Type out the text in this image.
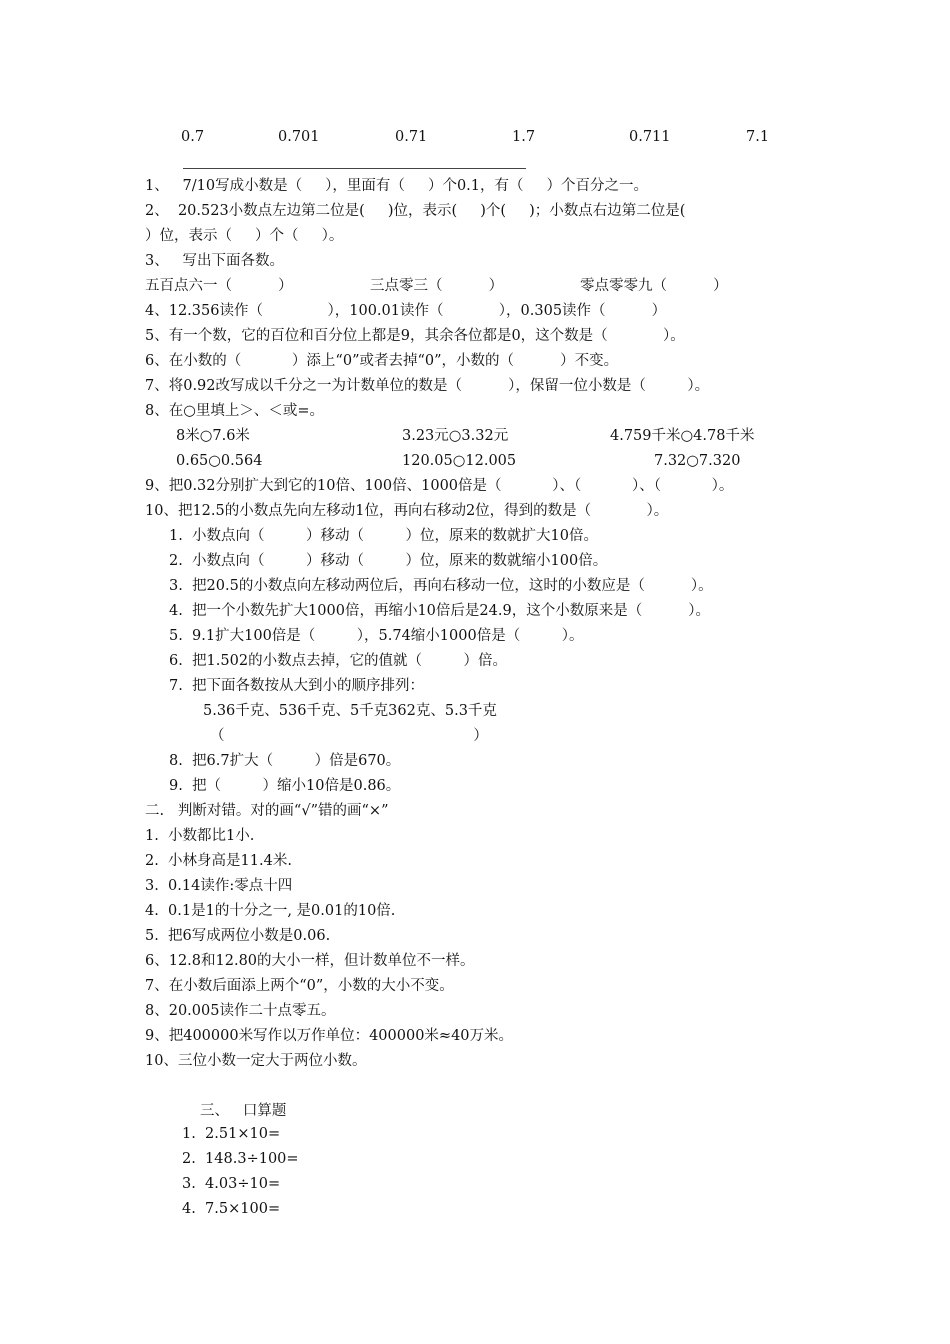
0.7	0.701	0.71	1.7	0.711	7.1
1、   7/10写成小数是（     ），里面有（     ）个0.1，有（     ）个百分之一。
2、  20.523小数点左边第二位是(     )位，表示(     )个(     )；小数点右边第二位是(
）位，表示（     ）个（     ）。
3、   写出下面各数。
五百点六一（          ）	三点零三（          ）	零点零零九（          ）
4、12.356读作（              ），100.01读作（            ），0.305读作（          ）
5、有一个数，它的百位和百分位上都是9，其余各位都是0，这个数是（            ）。
6、在小数的（           ）添上“0”或者去掉“0”，小数的（          ）不变。
7、将0.92改写成以千分之一为计数单位的数是（          ），保留一位小数是（         ）。
8、在○里填上＞、＜或=。
8米○7.6米	3.23元○3.32元	4.759千米○4.78千米
0.65○0.564	120.05○12.005	7.32○7.320
9、把0.32分别扩大到它的10倍、100倍、1000倍是（           ）、（           ）、（           ）。
10、把12.5的小数点先向左移动1位，再向右移动2位，得到的数是（            ）。
1.  小数点向（         ）移动（         ）位，原来的数就扩大10倍。
2.  小数点向（         ）移动（         ）位，原来的数就缩小100倍。
3.  把20.5的小数点向左移动两位后，再向右移动一位，这时的小数应是（          ）。
4.  把一个小数先扩大1000倍，再缩小10倍后是24.9，这个小数原来是（          ）。
5.  9.1扩大100倍是（         ），5.74缩小1000倍是（         ）。
6.  把1.502的小数点去掉，它的值就（         ）倍。
7.  把下面各数按从大到小的顺序排列：
5.36千克、536千克、5千克362克、5.3千克
（                                                      ）
8.  把6.7扩大（         ）倍是670。
9.  把（         ）缩小10倍是0.86。
二.   判断对错。对的画“√”错的画“×”
1.  小数都比1小.
2.  小林身高是11.4米.
3.  0.14读作:零点十四
4.  0.1是1的十分之一, 是0.01的10倍.
5.  把6写成两位小数是0.06.
6、12.8和12.80的大小一样，但计数单位不一样。
7、在小数后面添上两个“0”，小数的大小不变。
8、20.005读作二十点零五。
9、把400000米写作以万作单位：400000米≈40万米。
10、三位小数一定大于两位小数。
三、   口算题
1.  2.51×10=
2.  148.3÷100=
3.  4.03÷10=
4.  7.5×100=
